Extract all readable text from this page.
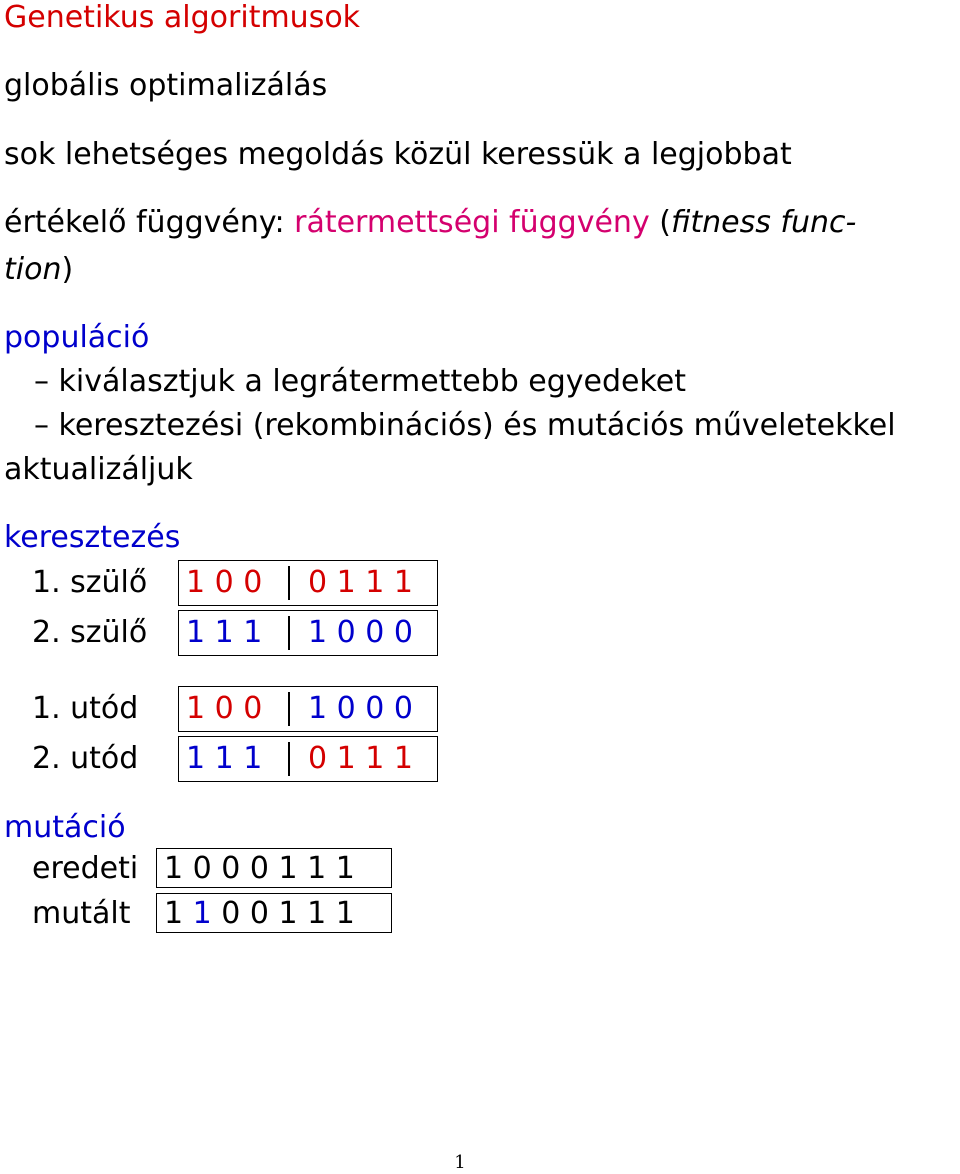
Genetikus algoritmusok
globális optimalizálás
sok lehetséges megoldás közül keressük a legjobbat
értékelő függvény: rátermettségi függvény (fitness func-
tion)
populáció
– kiválasztjuk a legrátermettebb egyedeket
– keresztezési (rekombinációs) és mutációs műveletekkel
aktualizáljuk
keresztezés
1. szülő 1 0 0 0 1 1 1
2. szülő 1 1 1 1 0 0 0
1. utód 1 0 0 1 0 0 0
2. utód 1 1 1 0 1 1 1
mutáció
eredeti 1 0 0 0 1 1 1
mutált 1 1 0 0 1 1 1
1
